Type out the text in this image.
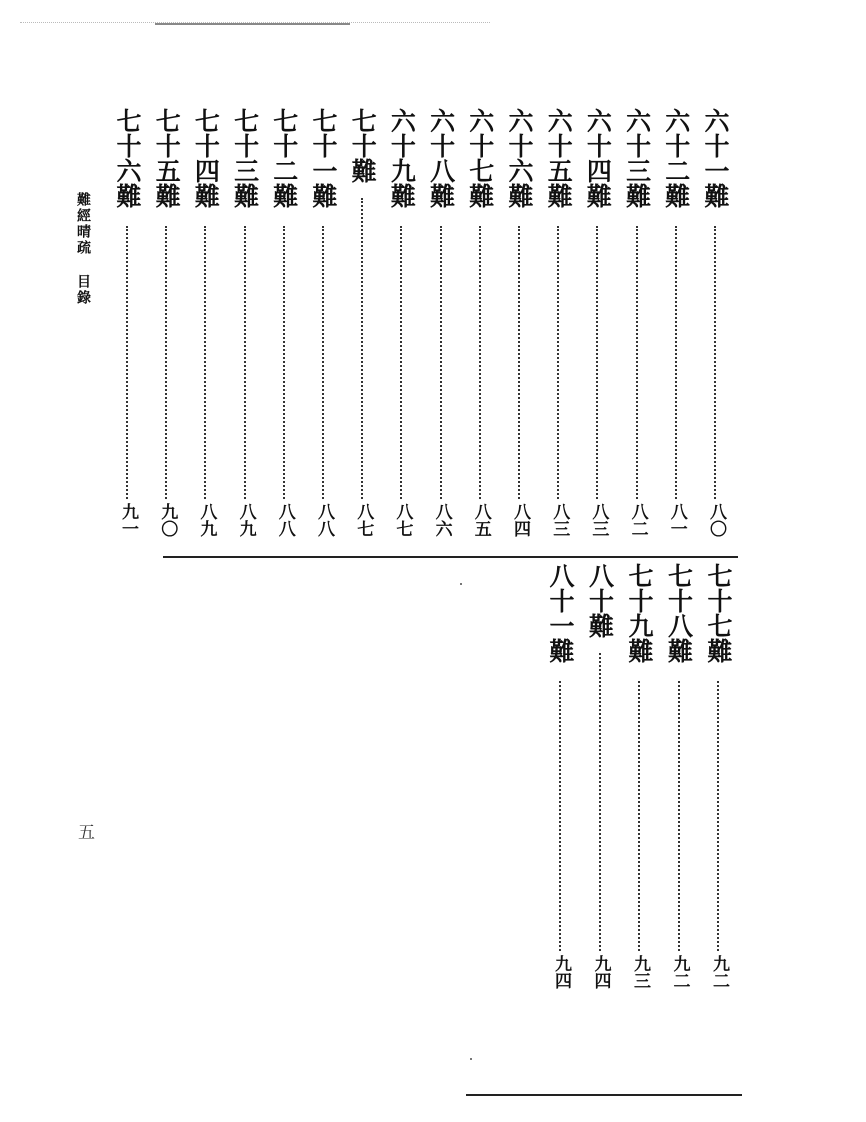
難經晴疏目錄
五
六十一難
八〇
六十二難
八一
六十三難
八二
六十四難
八三
六十五難
八三
六十六難
八四
六十七難
八五
六十八難
八六
六十九難
八七
七十難
八七
七十一難
八八
七十二難
八八
七十三難
八九
七十四難
八九
七十五難
九〇
七十六難
九一
七十七難
九二
七十八難
九二
七十九難
九三
八十難
九四
八十一難
九四
